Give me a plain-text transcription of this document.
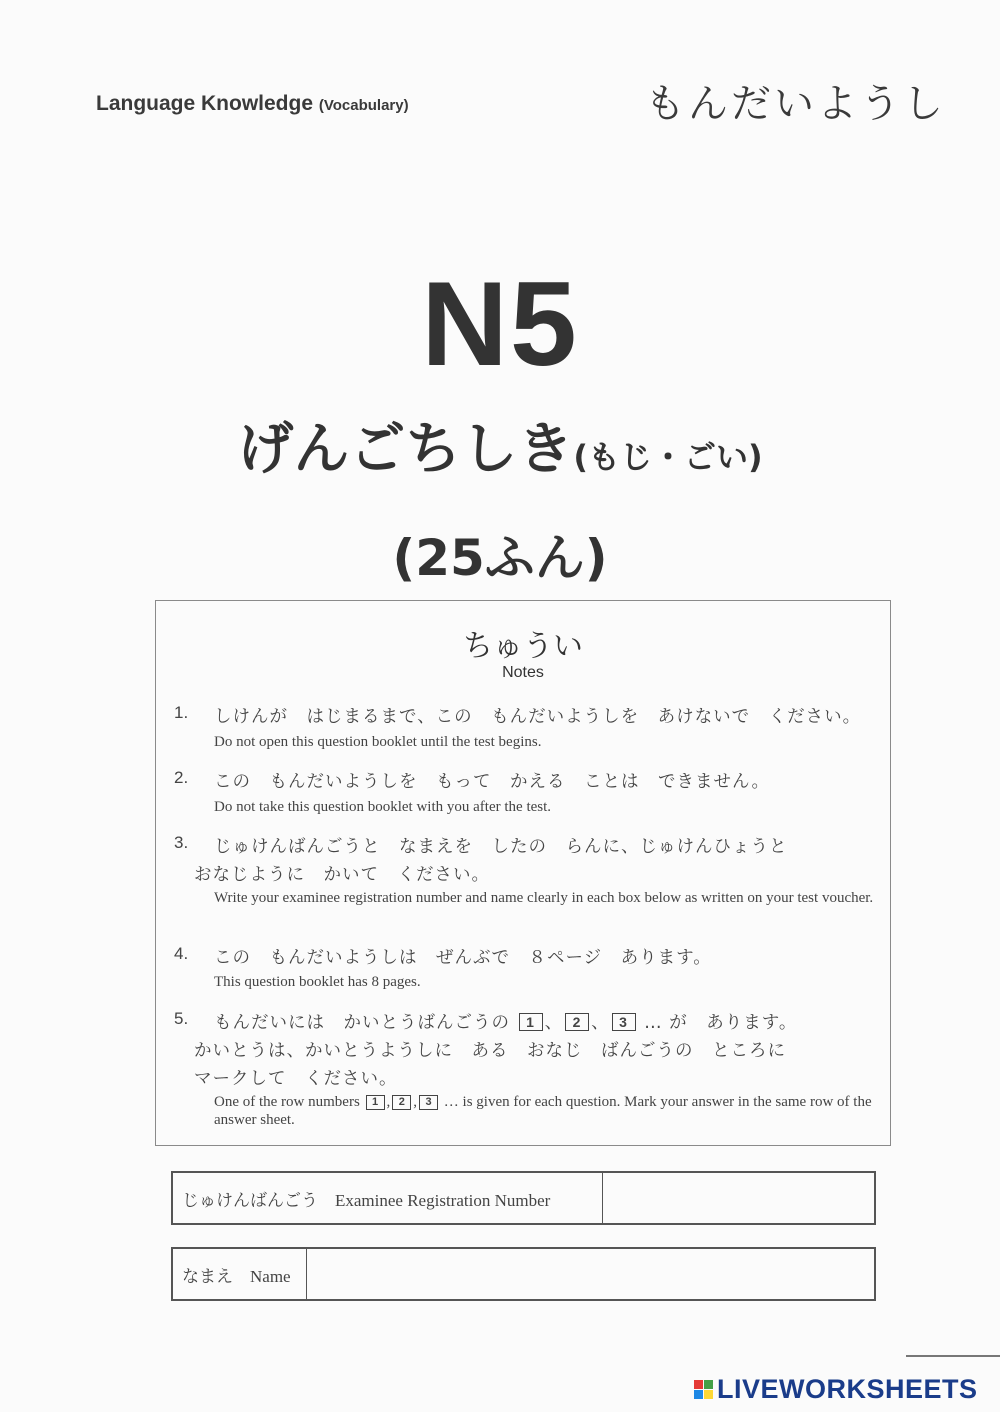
Language Knowledge (Vocabulary)	もんだいようし
N5
げんごちしき(もじ・ごい)
(25ふん)
ちゅうい
Notes
1. しけんが　はじまるまで、この　もんだいようしを　あけないで　ください。
Do not open this question booklet until the test begins.
2. この　もんだいようしを　もって　かえる　ことは　できません。
Do not take this question booklet with you after the test.
3. じゅけんばんごうと　なまえを　したの　らんに、じゅけんひょうと
おなじように　かいて　ください。
Write your examinee registration number and name clearly in each box below as written on your test voucher.
4. この　もんだいようしは　ぜんぶで　８ページ　あります。
This question booklet has 8 pages.
5. もんだいには　かいとうばんごうの 1 、 2 、 3 … が　あります。
かいとうは、かいとうようしに　ある　おなじ　ばんごうの　ところに
マークして　ください。
One of the row numbers 1 , 2 , 3 … is given for each question. Mark your answer in the same row of the answer sheet.
じゅけんばんごう　Examinee Registration Number
なまえ　Name
LIVEWORKSHEETS
